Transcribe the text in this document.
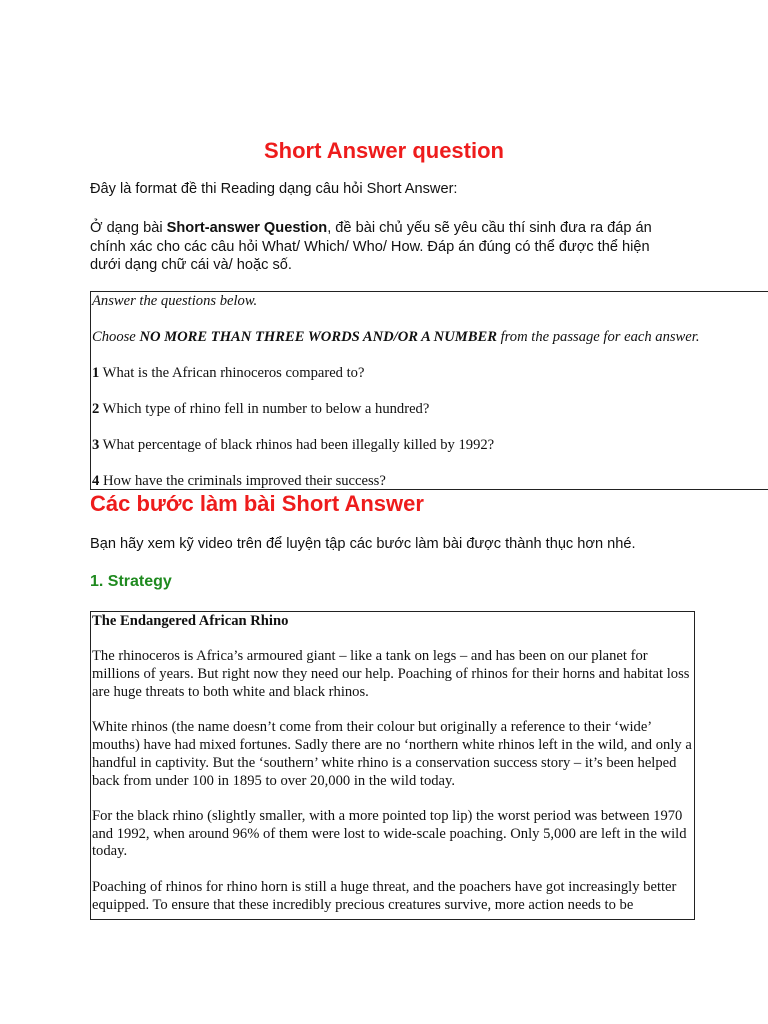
Short Answer question
Đây là format đề thi Reading dạng câu hỏi Short Answer:

Ở dạng bài Short-answer Question, đề bài chủ yếu sẽ yêu cầu thí sinh đưa ra đáp án chính xác cho các câu hỏi What/ Which/ Who/ How. Đáp án đúng có thể được thể hiện dưới dạng chữ cái và/ hoặc số.

Answer the questions below.
Choose NO MORE THAN THREE WORDS AND/OR A NUMBER from the passage for each answer.
1 What is the African rhinoceros compared to?
2 Which type of rhino fell in number to below a hundred?
3 What percentage of black rhinos had been illegally killed by 1992?
4 How have the criminals improved their success?
Các bước làm bài Short Answer
Bạn hãy xem kỹ video trên để luyện tập các bước làm bài được thành thục hơn nhé.
1. Strategy

The Endangered African Rhino

The rhinoceros is Africa’s armoured giant – like a tank on legs – and has been on our planet for millions of years. But right now they need our help. Poaching of rhinos for their horns and habitat loss are huge threats to both white and black rhinos.

White rhinos (the name doesn’t come from their colour but originally a reference to their ‘wide’ mouths) have had mixed fortunes. Sadly there are no ‘northern white rhinos left in the wild, and only a handful in captivity. But the ‘southern’ white rhino is a conservation success story – it’s been helped back from under 100 in 1895 to over 20,000 in the wild today.

For the black rhino (slightly smaller, with a more pointed top lip) the worst period was between 1970 and 1992, when around 96% of them were lost to wide-scale poaching. Only 5,000 are left in the wild today.

Poaching of rhinos for rhino horn is still a huge threat, and the poachers have got increasingly better equipped. To ensure that these incredibly precious creatures survive, more action needs to be
